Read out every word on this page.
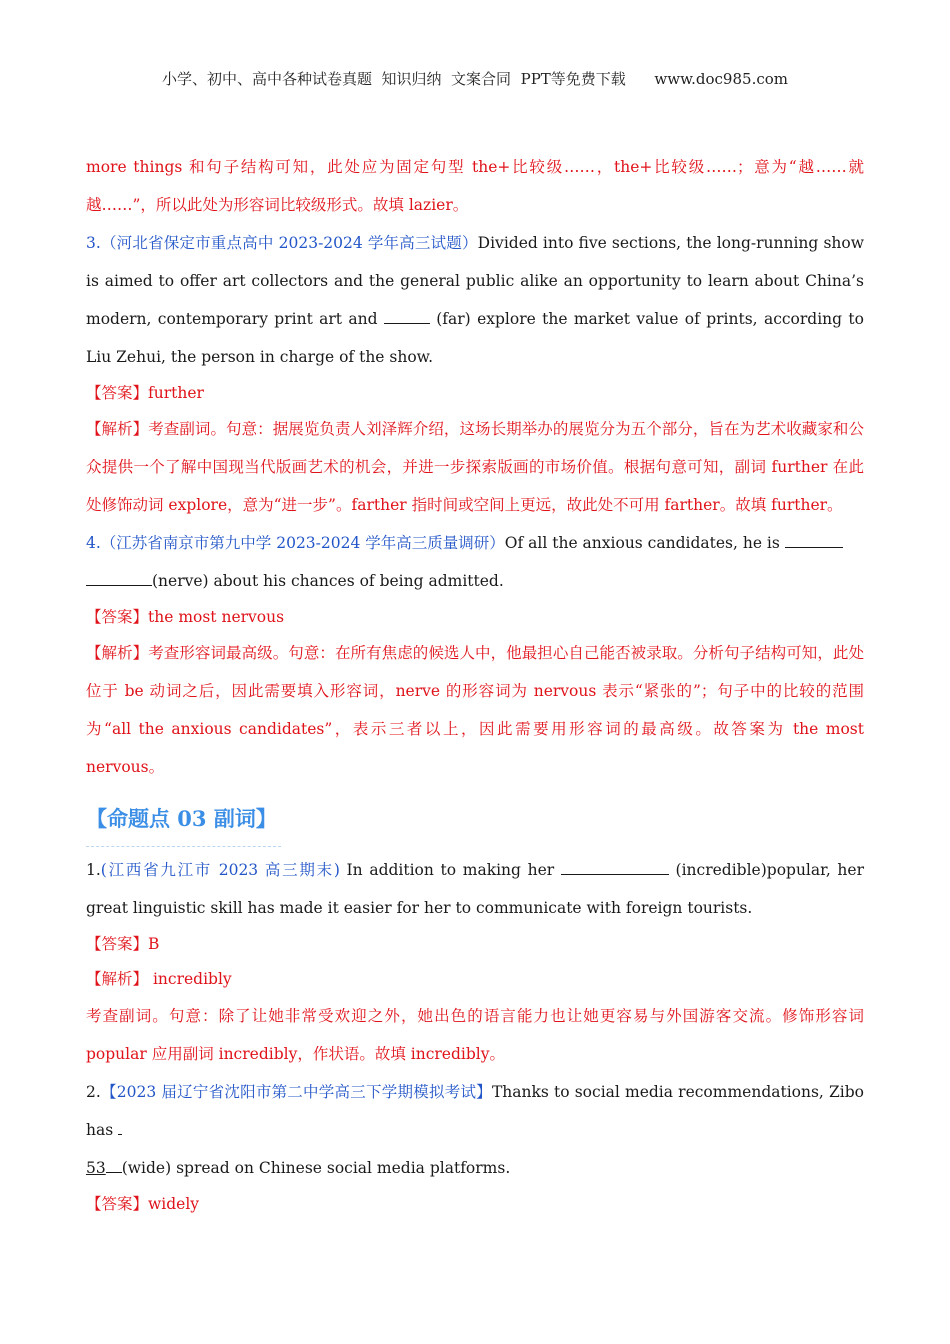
小学、初中、高中各种试卷真题  知识归纳  文案合同  PPT等免费下载      www.doc985.com

more things 和句子结构可知，此处应为固定句型 the+比较级……，the+比较级……；意为“越……就越……”，所以此处为形容词比较级形式。故填 lazier。

3.（河北省保定市重点高中 2023-2024 学年高三试题）Divided into five sections, the long-running show is aimed to offer art collectors and the general public alike an opportunity to learn about China’s modern, contemporary print art and	(far) explore the market value of prints, according to Liu Zehui, the person in charge of the show.

【答案】further

【解析】考查副词。句意：据展览负责人刘泽辉介绍，这场长期举办的展览分为五个部分，旨在为艺术收藏家和公众提供一个了解中国现当代版画艺术的机会，并进一步探索版画的市场价值。根据句意可知，副词 further 在此处修饰动词 explore，意为“进一步”。farther 指时间或空间上更远，故此处不可用 farther。故填 further。

4.（江苏省南京市第九中学 2023-2024 学年高三质量调研）Of all the anxious candidates, he is
(nerve) about his chances of being admitted.

【答案】the most nervous

【解析】考查形容词最高级。句意：在所有焦虑的候选人中，他最担心自己能否被录取。分析句子结构可知，此处位于 be 动词之后，因此需要填入形容词，nerve 的形容词为 nervous 表示“紧张的”；句子中的比较的范围为“all the anxious candidates”，表示三者以上，因此需要用形容词的最高级。故答案为 the most nervous。

【命题点 03 副词】

1.(江西省九江市 2023 高三期末) In addition to making her	(incredible)popular, her great linguistic skill has made it easier for her to communicate with foreign tourists.

【答案】B

【解析】 incredibly

考查副词。句意：除了让她非常受欢迎之外，她出色的语言能力也让她更容易与外国游客交流。修饰形容词 popular 应用副词 incredibly，作状语。故填 incredibly。

2.【2023 届辽宁省沈阳市第二中学高三下学期模拟考试】Thanks to social media recommendations, Zibo has
53 (wide) spread on Chinese social media platforms.

【答案】widely
